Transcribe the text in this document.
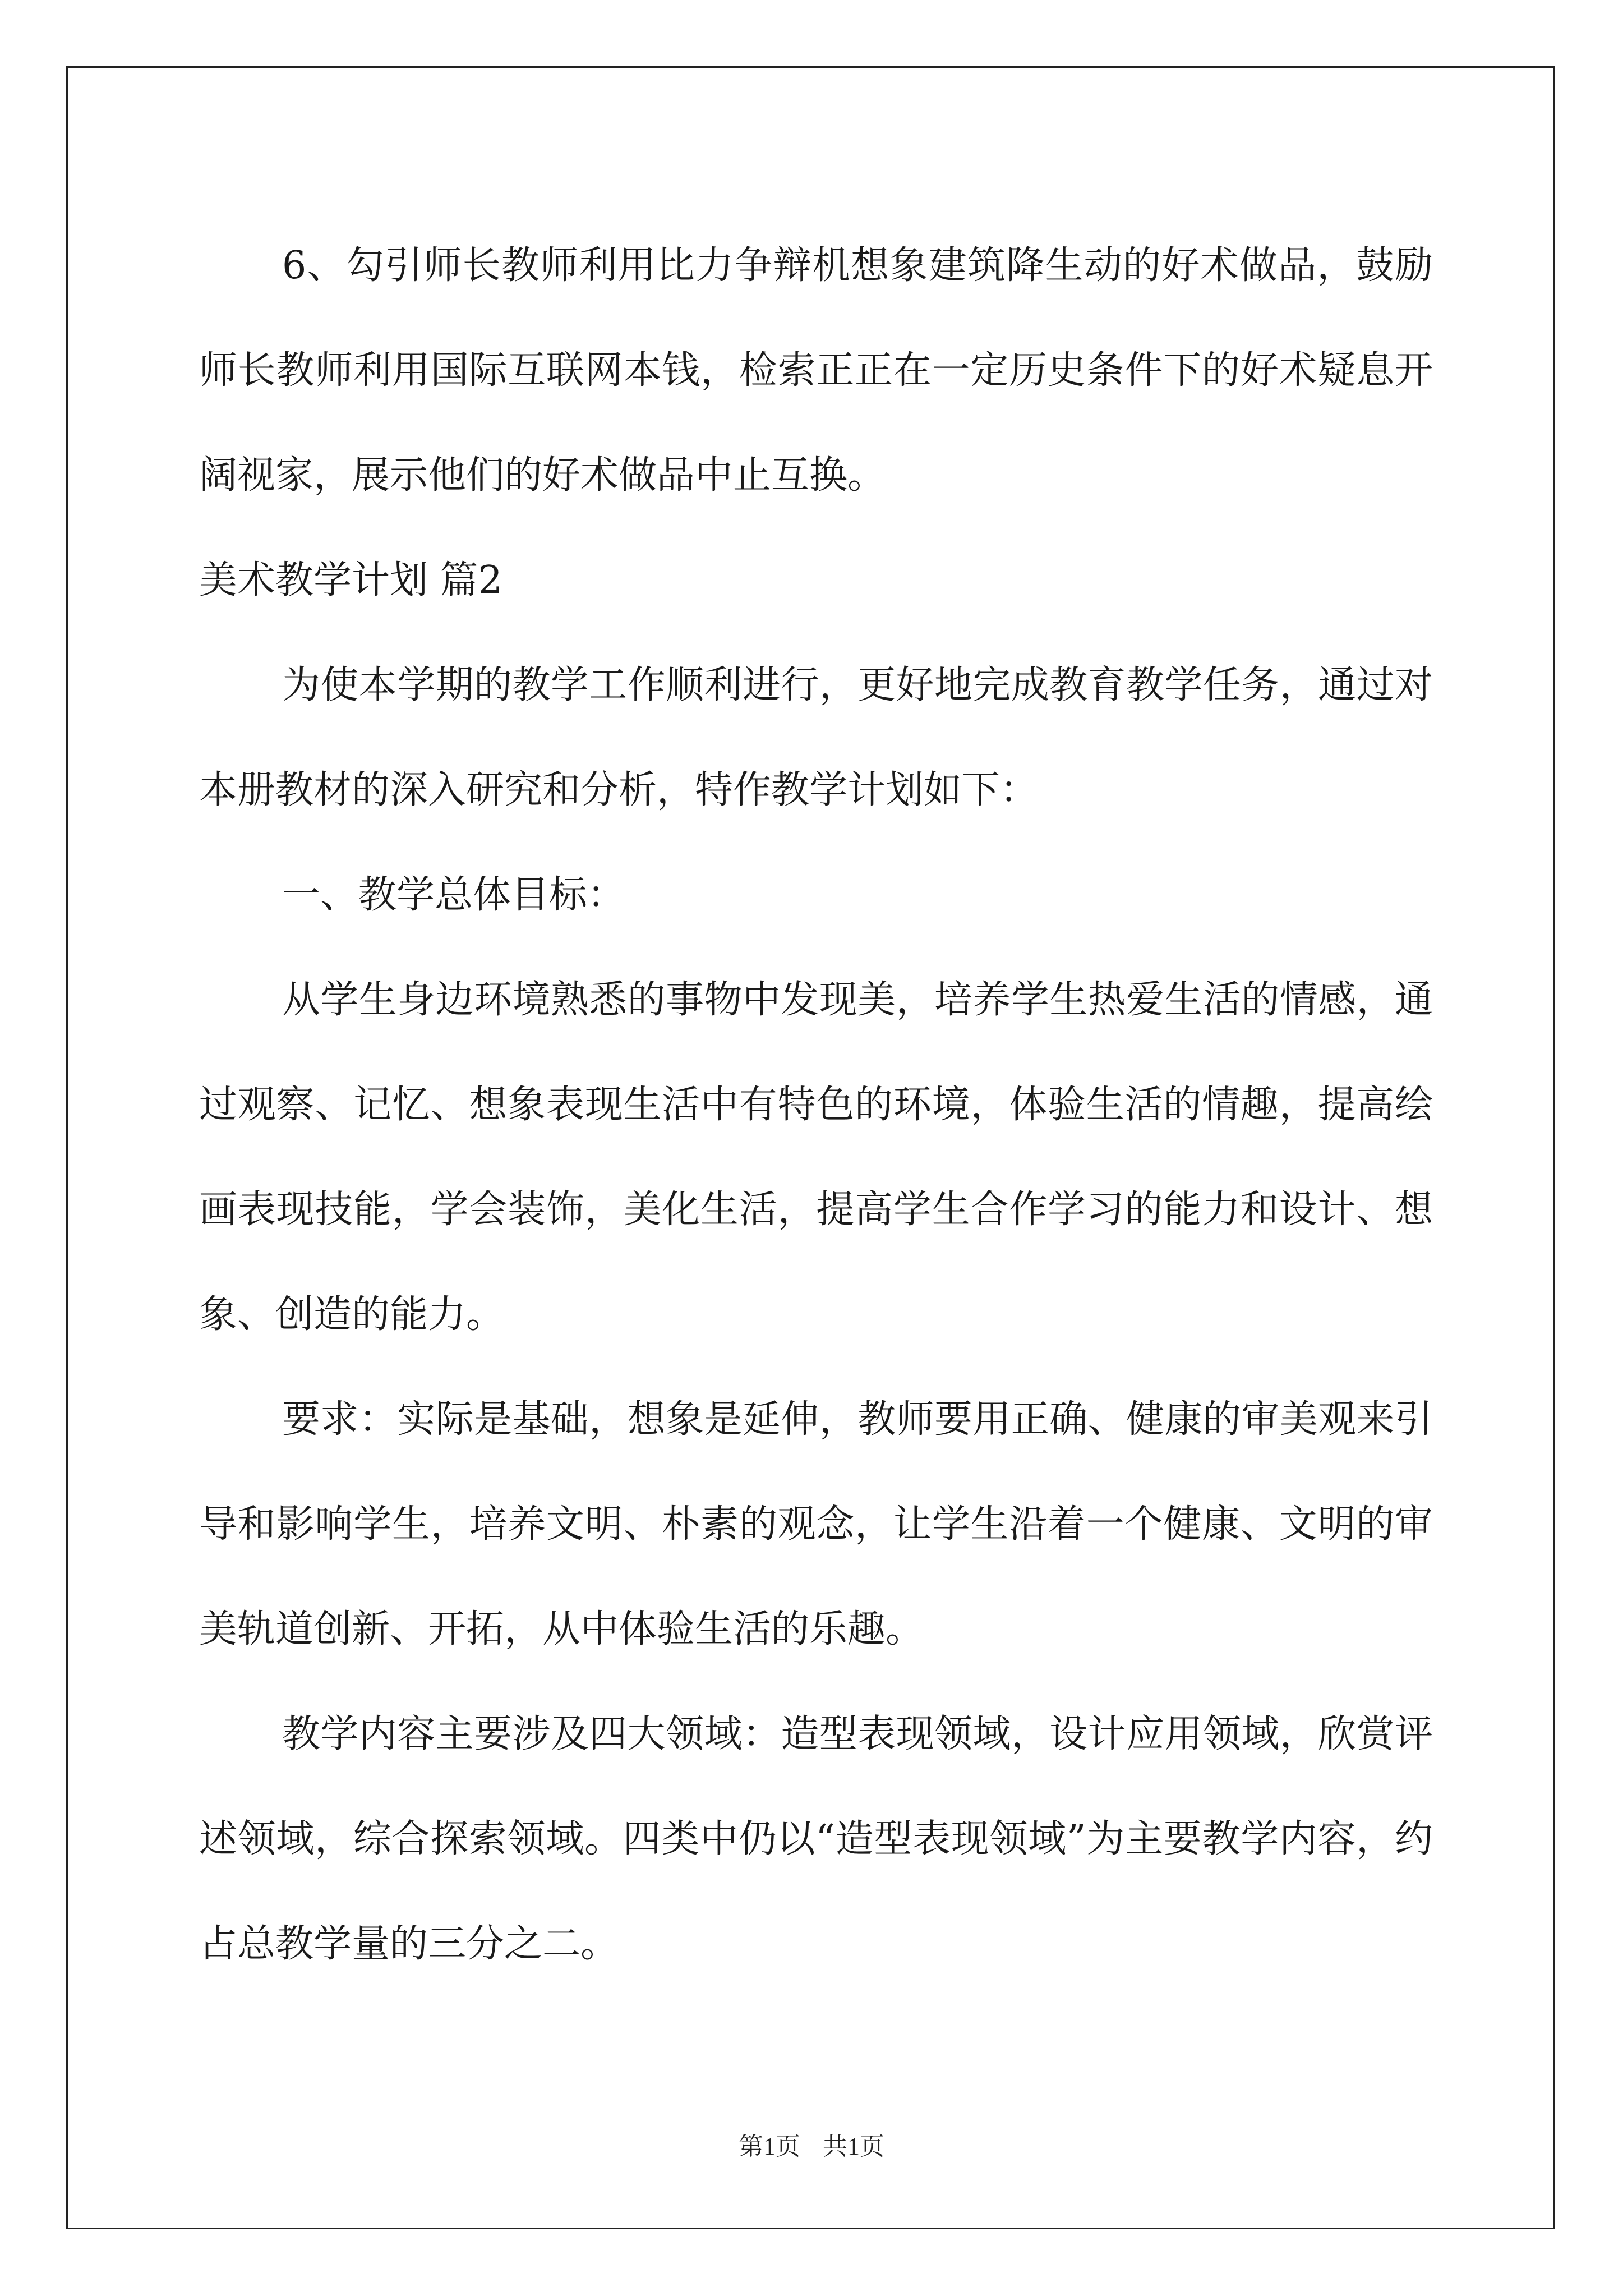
6、勾引师长教师利用比力争辩机想象建筑降生动的好术做品，鼓励师长教师利用国际互联网本钱，检索正正在一定历史条件下的好术疑息开阔视家，展示他们的好术做品中止互换。

美术教学计划 篇2

为使本学期的教学工作顺利进行，更好地完成教育教学任务，通过对本册教材的深入研究和分析，特作教学计划如下：

一、教学总体目标：

从学生身边环境熟悉的事物中发现美，培养学生热爱生活的情感，通过观察、记忆、想象表现生活中有特色的环境，体验生活的情趣，提高绘画表现技能，学会装饰，美化生活，提高学生合作学习的能力和设计、想象、创造的能力。

要求：实际是基础，想象是延伸，教师要用正确、健康的审美观来引导和影响学生，培养文明、朴素的观念，让学生沿着一个健康、文明的审美轨道创新、开拓，从中体验生活的乐趣。

教学内容主要涉及四大领域：造型表现领域，设计应用领域，欣赏评述领域，综合探索领域。四类中仍以“造型表现领域”为主要教学内容，约占总教学量的三分之二。

第1页 共1页
